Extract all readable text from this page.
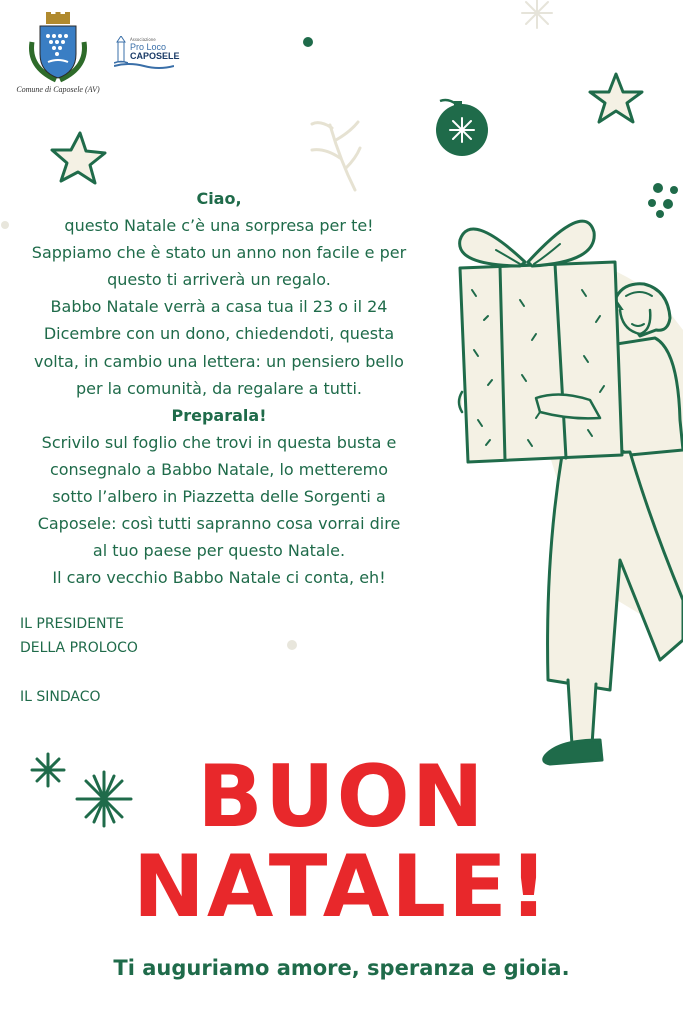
Comune di Caposele (AV)
Associazione
Pro Loco
CAPOSELE
Ciao,
questo Natale c’è una sorpresa per te!
Sappiamo che è stato un anno non facile e per
questo ti arriverà un regalo.
Babbo Natale verrà a casa tua il 23 o il 24
Dicembre con un dono, chiedendoti, questa
volta, in cambio una lettera: un pensiero bello
per la comunità, da regalare a tutti.
Preparala!
Scrivilo sul foglio che trovi in questa busta e
consegnalo a Babbo Natale, lo metteremo
sotto l’albero in Piazzetta delle Sorgenti a
Caposele: così tutti sapranno cosa vorrai dire
al tuo paese per questo Natale.
Il caro vecchio Babbo Natale ci conta, eh!
IL PRESIDENTE
DELLA PROLOCO
IL SINDACO
BUON
NATALE!
Ti auguriamo amore, speranza e gioia.
